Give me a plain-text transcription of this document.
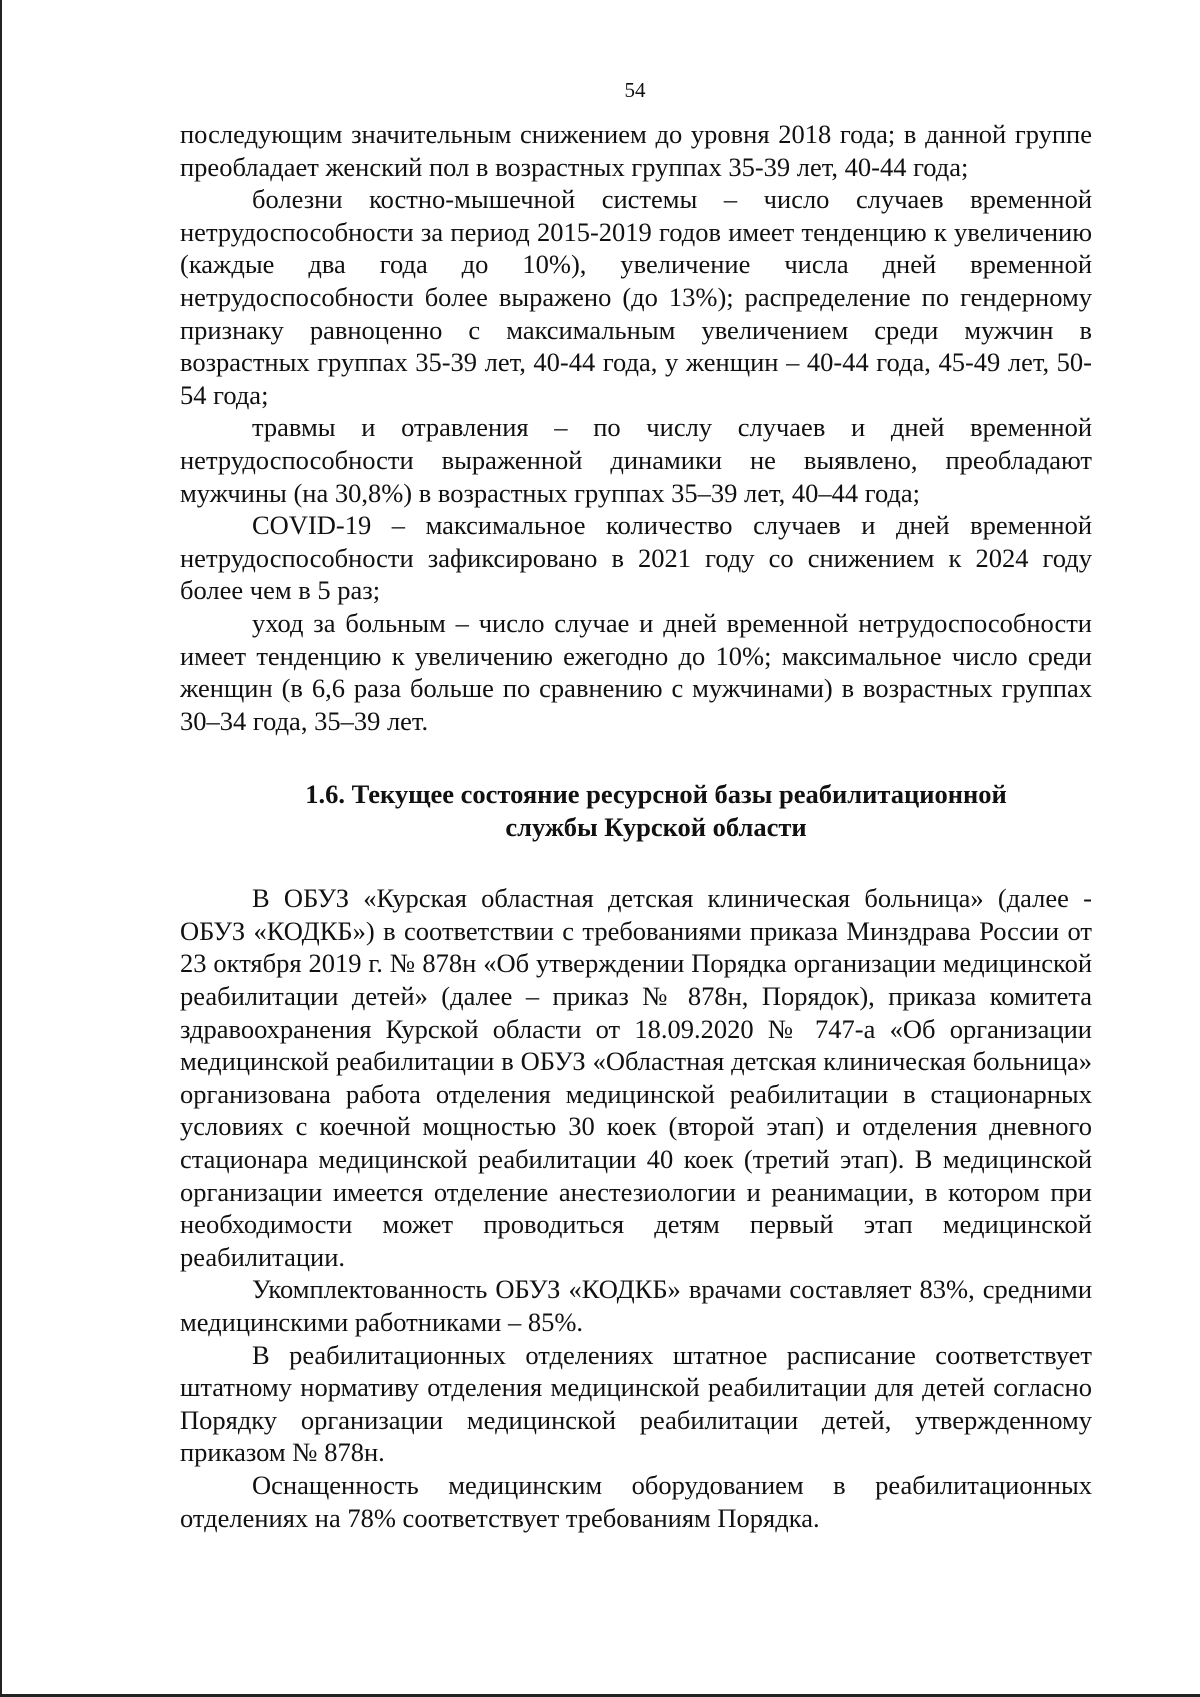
54

последующим значительным снижением до уровня 2018 года; в данной группе преобладает женский пол в возрастных группах 35-39 лет, 40-44 года;

болезни костно-мышечной системы – число случаев временной нетрудоспособности за период 2015-2019 годов имеет тенденцию к увеличению (каждые два года до 10%), увеличение числа дней временной нетрудоспособности более выражено (до 13%); распределение по гендерному признаку равноценно с максимальным увеличением среди мужчин в возрастных группах 35-39 лет, 40-44 года, у женщин – 40-44 года, 45-49 лет, 50-54 года;

травмы и отравления – по числу случаев и дней временной нетрудоспособности выраженной динамики не выявлено, преобладают мужчины (на 30,8%) в возрастных группах 35–39 лет, 40–44 года;

COVID-19 – максимальное количество случаев и дней временной нетрудоспособности зафиксировано в 2021 году со снижением к 2024 году более чем в 5 раз;

уход за больным – число случае и дней временной нетрудоспособности имеет тенденцию к увеличению ежегодно до 10%; максимальное число среди женщин (в 6,6 раза больше по сравнению с мужчинами) в возрастных группах 30–34 года, 35–39 лет.

1.6. Текущее состояние ресурсной базы реабилитационной
службы Курской области

В ОБУЗ «Курская областная детская клиническая больница» (далее - ОБУЗ «КОДКБ») в соответствии с требованиями приказа Минздрава России от 23 октября 2019 г. № 878н «Об утверждении Порядка организации медицинской реабилитации детей» (далее – приказ № 878н, Порядок), приказа комитета здравоохранения Курской области от 18.09.2020 № 747-а «Об организации медицинской реабилитации в ОБУЗ «Областная детская клиническая больница» организована работа отделения медицинской реабилитации в стационарных условиях с коечной мощностью 30 коек (второй этап) и отделения дневного стационара медицинской реабилитации 40 коек (третий этап). В медицинской организации имеется отделение анестезиологии и реанимации, в котором при необходимости может проводиться детям первый этап медицинской реабилитации.

Укомплектованность ОБУЗ «КОДКБ» врачами составляет 83%, средними медицинскими работниками – 85%.

В реабилитационных отделениях штатное расписание соответствует штатному нормативу отделения медицинской реабилитации для детей согласно Порядку организации медицинской реабилитации детей, утвержденному приказом № 878н.

Оснащенность медицинским оборудованием в реабилитационных отделениях на 78% соответствует требованиям Порядка.
